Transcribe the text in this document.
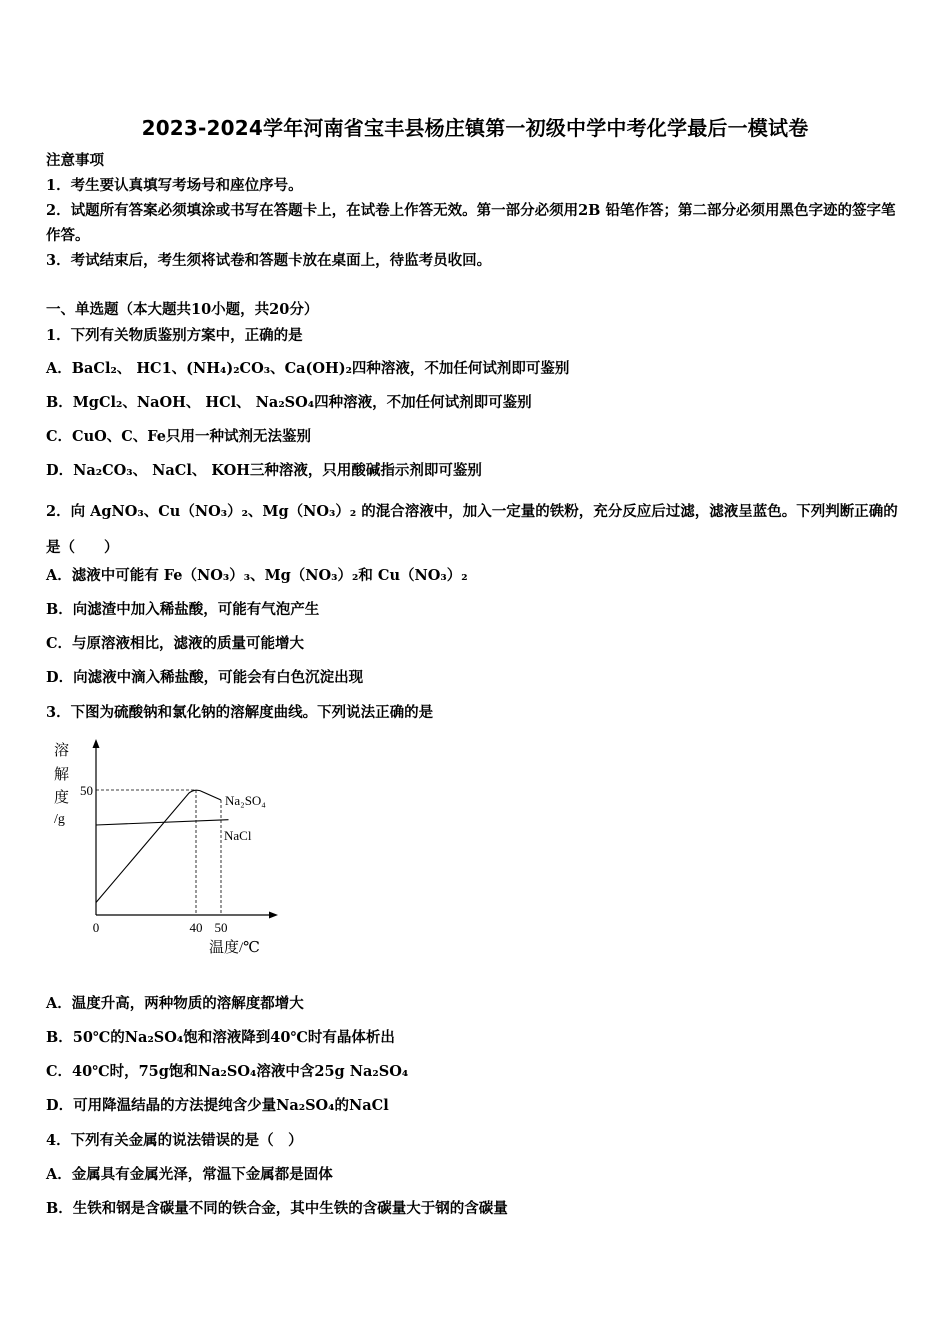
2023-2024学年河南省宝丰县杨庄镇第一初级中学中考化学最后一模试卷
注意事项
1．考生要认真填写考场号和座位序号。
2．试题所有答案必须填涂或书写在答题卡上，在试卷上作答无效。第一部分必须用2B 铅笔作答；第二部分必须用黑色字迹的签字笔作答。
3．考试结束后，考生须将试卷和答题卡放在桌面上，待监考员收回。
一、单选题（本大题共10小题，共20分）
1．下列有关物质鉴别方案中，正确的是
A．BaCl₂、 HC1、(NH₄)₂CO₃、Ca(OH)₂四种溶液，不加任何试剂即可鉴别
B．MgCl₂、NaOH、 HCl、 Na₂SO₄四种溶液，不加任何试剂即可鉴别
C．CuO、C、Fe只用一种试剂无法鉴别
D．Na₂CO₃、 NaCl、 KOH三种溶液，只用酸碱指示剂即可鉴别
2．向 AgNO₃、Cu（NO₃）₂、Mg（NO₃）₂ 的混合溶液中，加入一定量的铁粉，充分反应后过滤，滤液呈蓝色。下列判断正确的是（　　）
A．滤液中可能有 Fe（NO₃）₃、Mg（NO₃）₂和 Cu（NO₃）₂
B．向滤渣中加入稀盐酸，可能有气泡产生
C．与原溶液相比，滤液的质量可能增大
D．向滤液中滴入稀盐酸，可能会有白色沉淀出现
3．下图为硫酸钠和氯化钠的溶解度曲线。下列说法正确的是
溶
解
度
/g
Na₂SO₄
NaCl
50
0	40 50
温度/℃
A．温度升高，两种物质的溶解度都增大
B．50℃的Na₂SO₄饱和溶液降到40℃时有晶体析出
C．40℃时，75g饱和Na₂SO₄溶液中含25g Na₂SO₄
D．可用降温结晶的方法提纯含少量Na₂SO₄的NaCl
4．下列有关金属的说法错误的是（　）
A．金属具有金属光泽，常温下金属都是固体
B．生铁和钢是含碳量不同的铁合金，其中生铁的含碳量大于钢的含碳量
